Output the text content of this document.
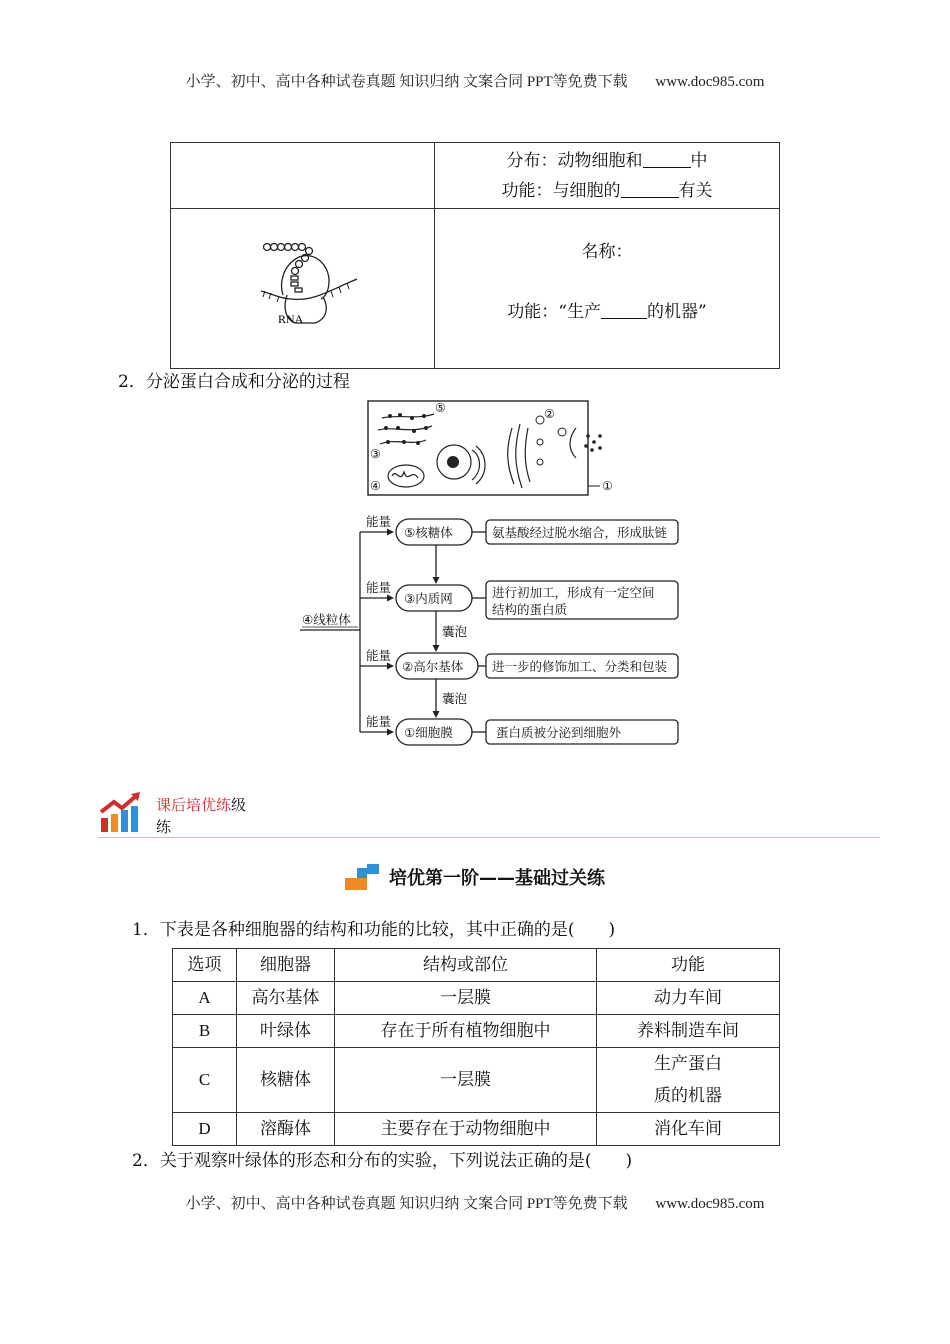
小学、初中、高中各种试卷真题 知识归纳 文案合同 PPT等免费下载 www.doc985.com

	分布：动物细胞和 中
功能：与细胞的 有关

RNA	名称：
功能：“生产 的机器”
2．分泌蛋白合成和分泌的过程
⑤	②
③
④	①
④线粒体
能量
能量
能量
能量
⑤核糖体
③内质网
②高尔基体
①细胞膜
囊泡
囊泡
氨基酸经过脱水缩合，形成肽链
进行初加工，形成有一定空间
结构的蛋白质
进一步的修饰加工、分类和包装
蛋白质被分泌到细胞外
课后培优练级
练
培优第一阶——基础过关练
1．下表是各种细胞器的结构和功能的比较，其中正确的是(　　)
选项	细胞器	结构或部位	功能
A	高尔基体	一层膜	动力车间
B	叶绿体	存在于所有植物细胞中	养料制造车间
C	核糖体	一层膜	生产蛋白
质的机器

D	溶酶体	主要存在于动物细胞中	消化车间
2．关于观察叶绿体的形态和分布的实验，下列说法正确的是(　　)
小学、初中、高中各种试卷真题 知识归纳 文案合同 PPT等免费下载 www.doc985.com
